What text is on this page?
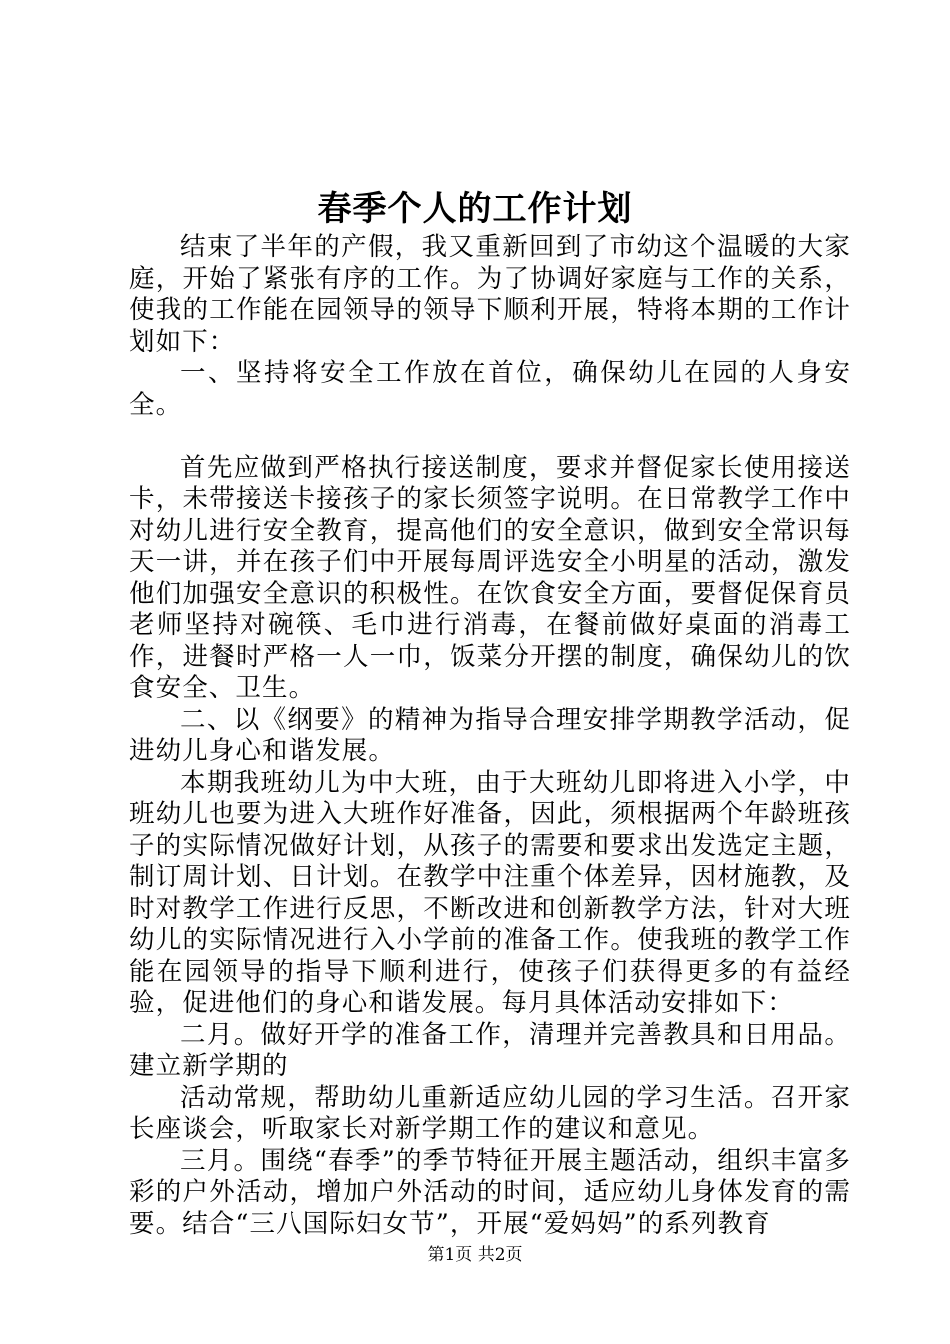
春季个人的工作计划

结束了半年的产假，我又重新回到了市幼这个温暖的大家庭，开始了紧张有序的工作。为了协调好家庭与工作的关系，使我的工作能在园领导的领导下顺利开展，特将本期的工作计划如下：

一、坚持将安全工作放在首位，确保幼儿在园的人身安全。

首先应做到严格执行接送制度，要求并督促家长使用接送卡，未带接送卡接孩子的家长须签字说明。在日常教学工作中对幼儿进行安全教育，提高他们的安全意识，做到安全常识每天一讲，并在孩子们中开展每周评选安全小明星的活动，激发他们加强安全意识的积极性。在饮食安全方面，要督促保育员老师坚持对碗筷、毛巾进行消毒，在餐前做好桌面的消毒工作，进餐时严格一人一巾，饭菜分开摆的制度，确保幼儿的饮食安全、卫生。

二、以《纲要》的精神为指导合理安排学期教学活动，促进幼儿身心和谐发展。

本期我班幼儿为中大班，由于大班幼儿即将进入小学，中班幼儿也要为进入大班作好准备，因此，须根据两个年龄班孩子的实际情况做好计划，从孩子的需要和要求出发选定主题，制订周计划、日计划。在教学中注重个体差异，因材施教，及时对教学工作进行反思，不断改进和创新教学方法，针对大班幼儿的实际情况进行入小学前的准备工作。使我班的教学工作能在园领导的指导下顺利进行，使孩子们获得更多的有益经验，促进他们的身心和谐发展。每月具体活动安排如下：

二月。做好开学的准备工作，清理并完善教具和日用品。建立新学期的

活动常规，帮助幼儿重新适应幼儿园的学习生活。召开家长座谈会，听取家长对新学期工作的建议和意见。

三月。围绕“春季”的季节特征开展主题活动，组织丰富多彩的户外活动，增加户外活动的时间，适应幼儿身体发育的需要。结合“三八国际妇女节”，开展“爱妈妈”的系列教育

第1页 共2页
